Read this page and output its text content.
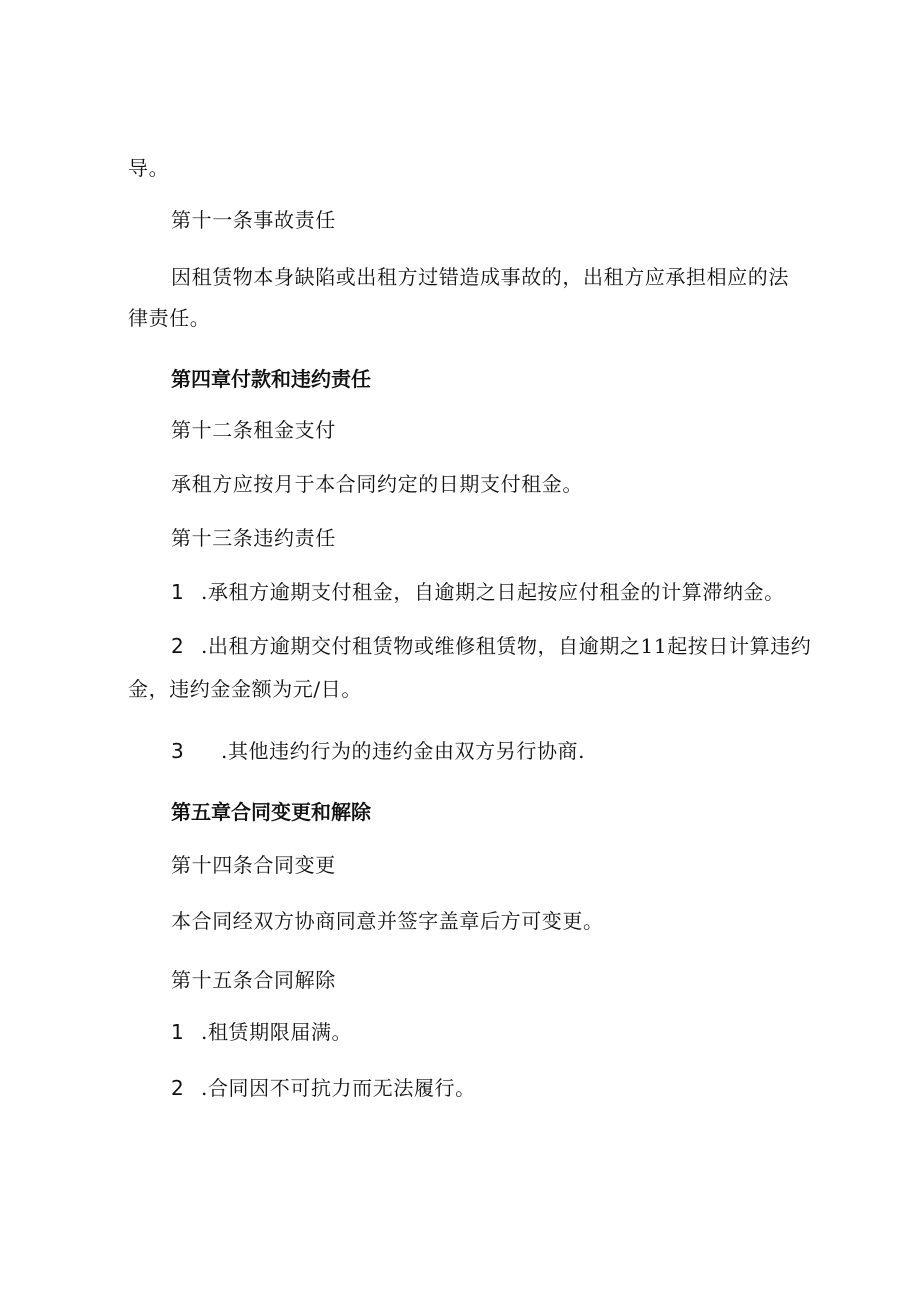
导。
第十一条事故责任
因租赁物本身缺陷或出租方过错造成事故的，出租方应承担相应的法
律责任。
第四章付款和违约责任
第十二条租金支付
承租方应按月于本合同约定的日期支付租金。
第十三条违约责任
1 .承租方逾期支付租金，自逾期之日起按应付租金的计算滞纳金。
2 .出租方逾期交付租赁物或维修租赁物，自逾期之11起按日计算违约
金，违约金金额为元/日。
3 .其他违约行为的违约金由双方另行协商.
第五章合同变更和解除
第十四条合同变更
本合同经双方协商同意并签字盖章后方可变更。
第十五条合同解除
1 .租赁期限届满。
2 .合同因不可抗力而无法履行。
